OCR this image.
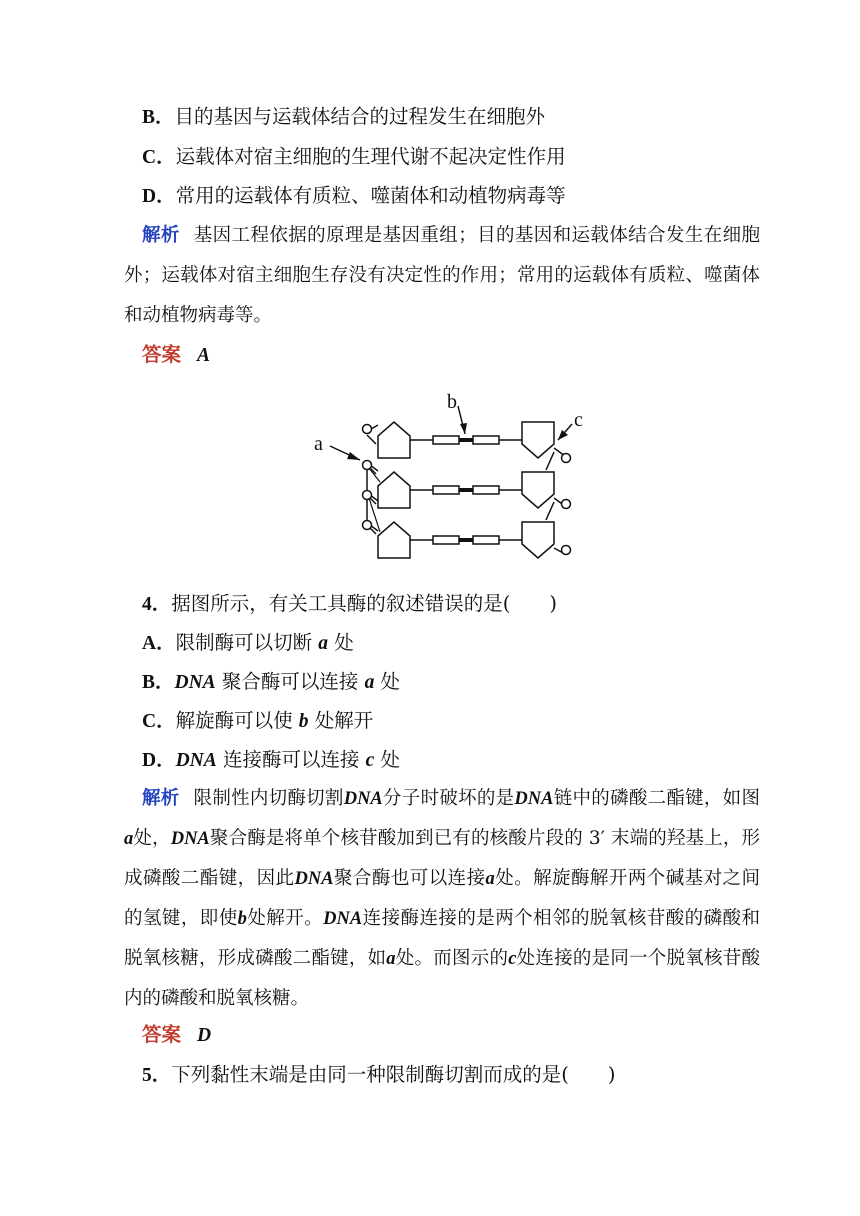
B．目的基因与运载体结合的过程发生在细胞外
C．运载体对宿主细胞的生理代谢不起决定性作用
D．常用的运载体有质粒、噬菌体和动植物病毒等
解析 基因工程依据的原理是基因重组；目的基因和运载体结合发生在细胞外；运载体对宿主细胞生存没有决定性的作用；常用的运载体有质粒、噬菌体和动植物病毒等。
答案 A
a
b
c
4．据图所示，有关工具酶的叙述错误的是(　　)
A．限制酶可以切断 a 处
B．DNA 聚合酶可以连接 a 处
C．解旋酶可以使 b 处解开
D．DNA 连接酶可以连接 c 处
解析 限制性内切酶切割DNA分子时破坏的是DNA链中的磷酸二酯键，如图a处，DNA聚合酶是将单个核苷酸加到已有的核酸片段的 3′ 末端的羟基上，形成磷酸二酯键，因此DNA聚合酶也可以连接a处。解旋酶解开两个碱基对之间的氢键，即使b处解开。DNA连接酶连接的是两个相邻的脱氧核苷酸的磷酸和脱氧核糖，形成磷酸二酯键，如a处。而图示的c处连接的是同一个脱氧核苷酸内的磷酸和脱氧核糖。
答案 D
5．下列黏性末端是由同一种限制酶切割而成的是(　　)
